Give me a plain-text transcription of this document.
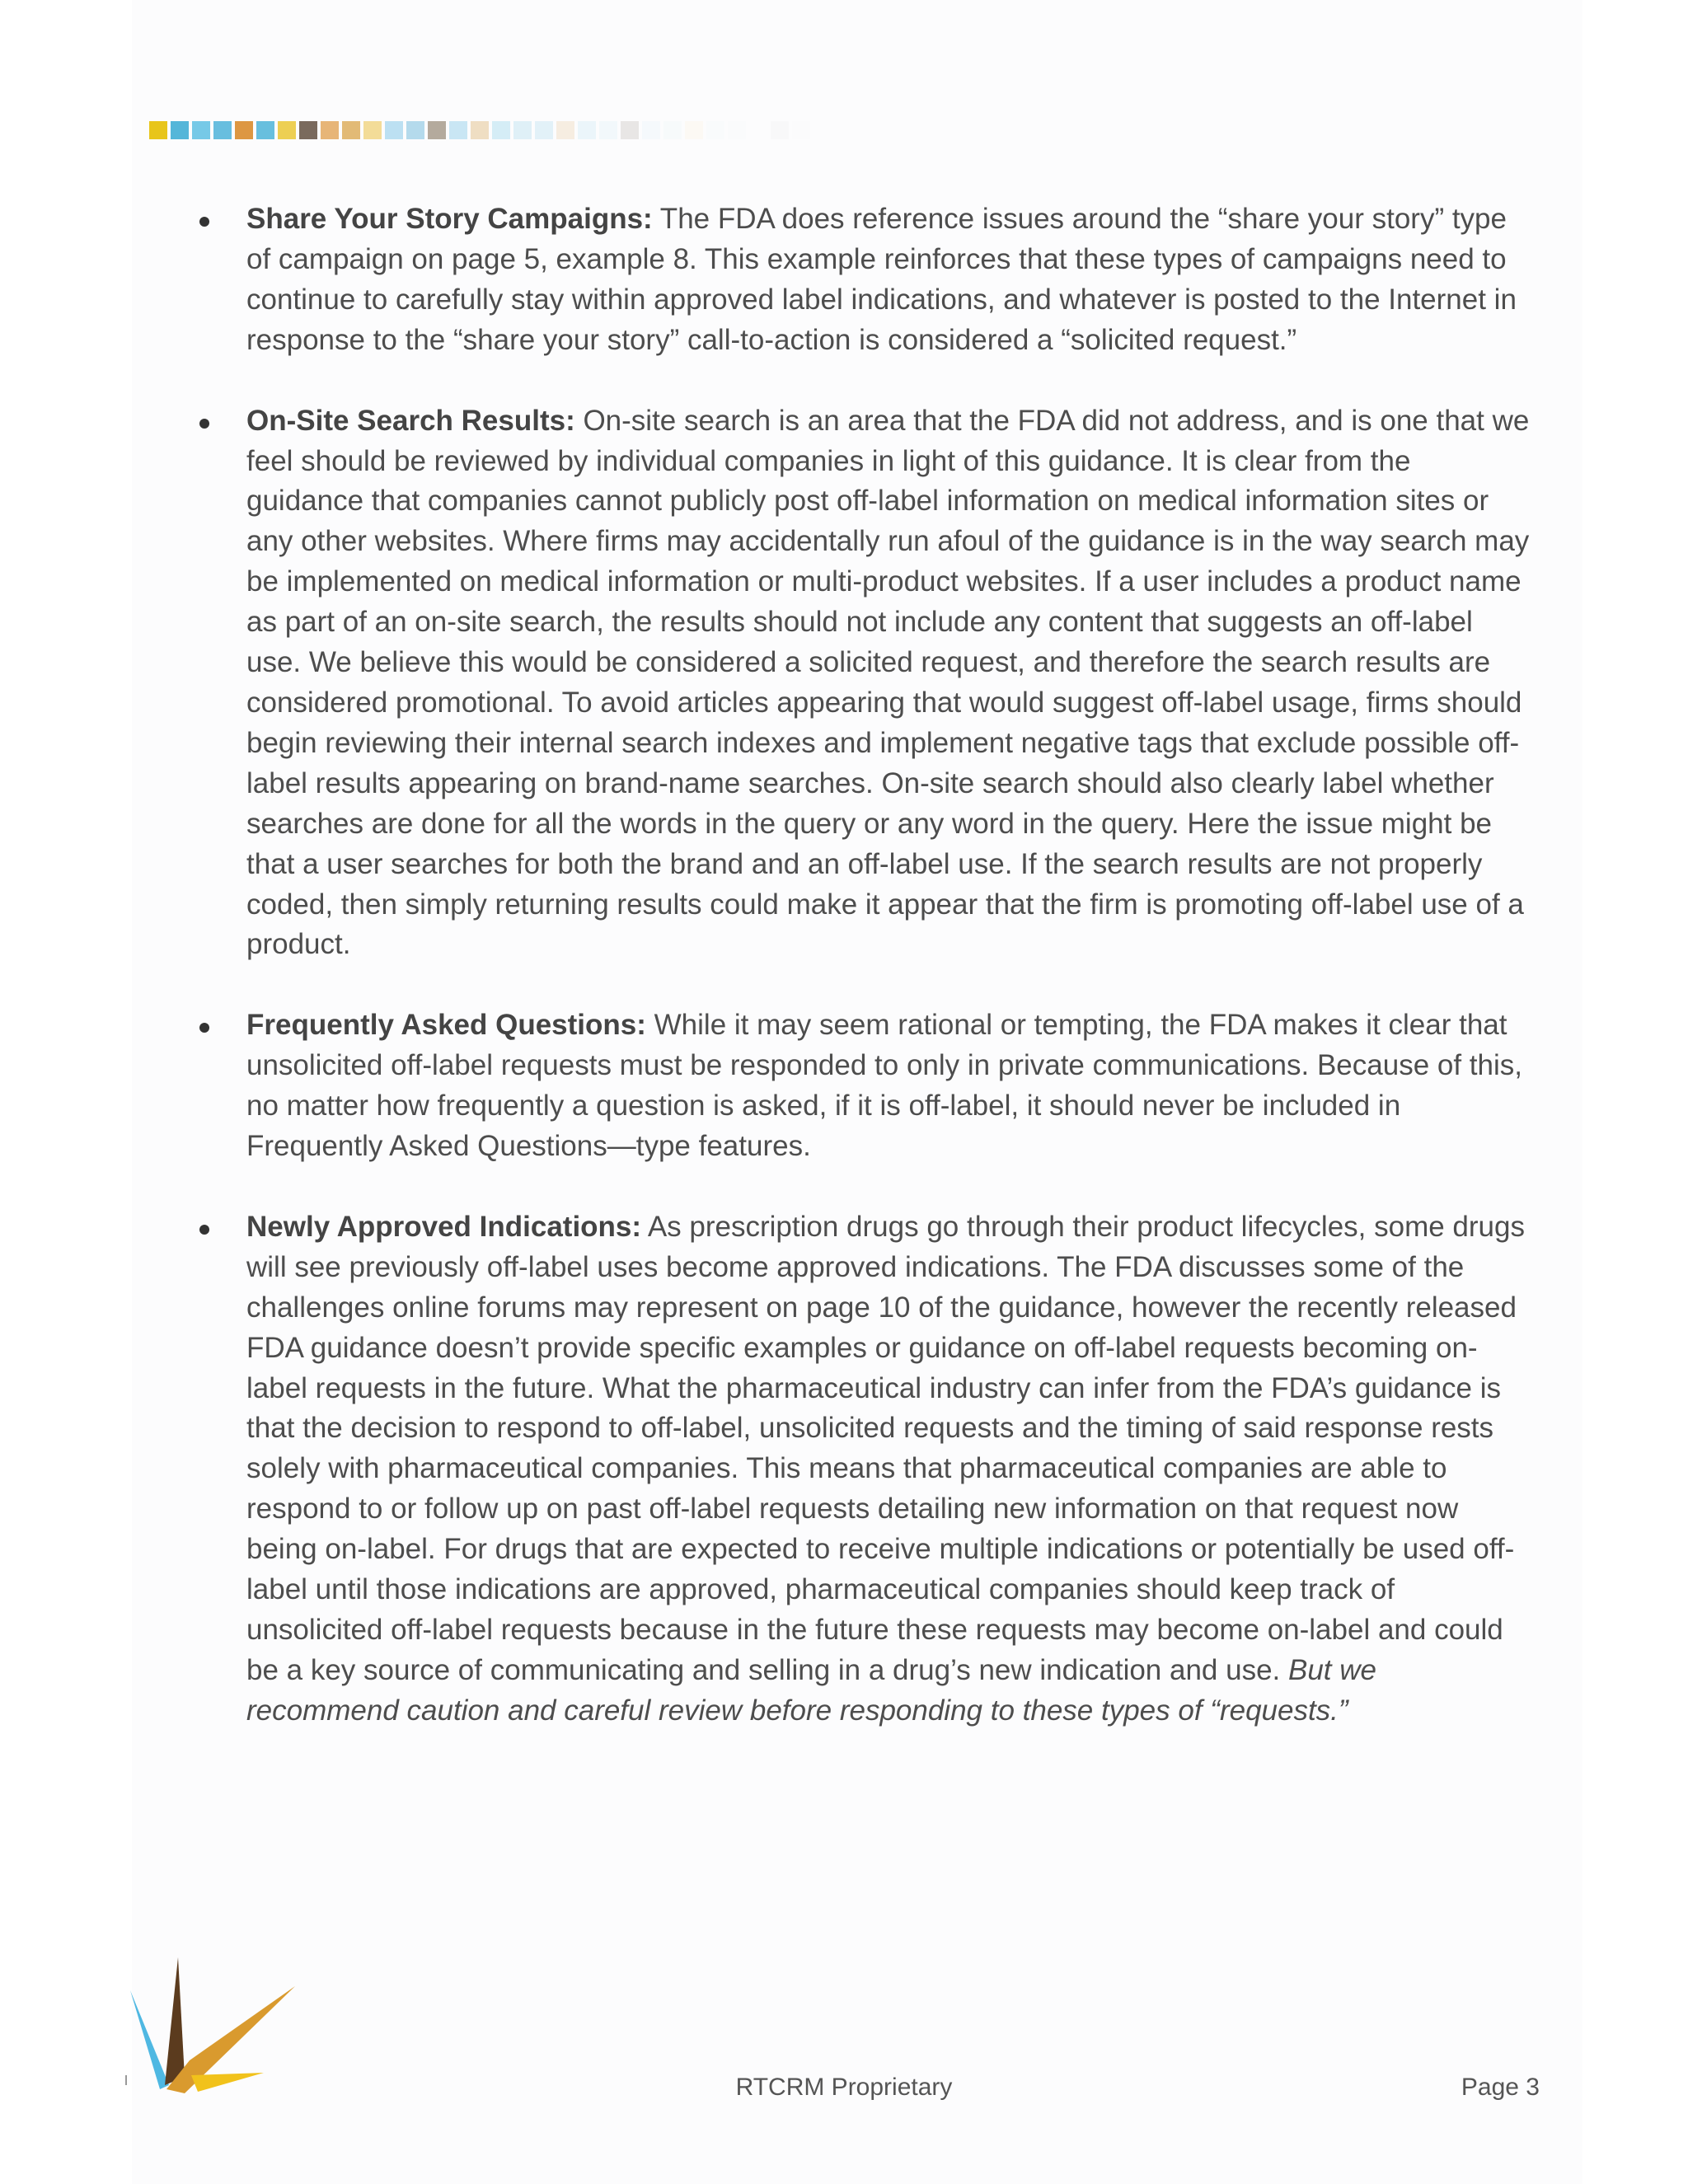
Share Your Story Campaigns: The FDA does reference issues around the “share your story” type of campaign on page 5, example 8. This example reinforces that these types of campaigns need to continue to carefully stay within approved label indications, and whatever is posted to the Internet in response to the “share your story” call-to-action is considered a “solicited request.”
On-Site Search Results: On-site search is an area that the FDA did not address, and is one that we feel should be reviewed by individual companies in light of this guidance. It is clear from the guidance that companies cannot publicly post off-label information on medical information sites or any other websites. Where firms may accidentally run afoul of the guidance is in the way search may be implemented on medical information or multi-product websites. If a user includes a product name as part of an on-site search, the results should not include any content that suggests an off-label use. We believe this would be considered a solicited request, and therefore the search results are considered promotional. To avoid articles appearing that would suggest off-label usage, firms should begin reviewing their internal search indexes and implement negative tags that exclude possible off-label results appearing on brand-name searches. On-site search should also clearly label whether searches are done for all the words in the query or any word in the query. Here the issue might be that a user searches for both the brand and an off-label use. If the search results are not properly coded, then simply returning results could make it appear that the firm is promoting off-label use of a product.
Frequently Asked Questions: While it may seem rational or tempting, the FDA makes it clear that unsolicited off-label requests must be responded to only in private communications. Because of this, no matter how frequently a question is asked, if it is off-label, it should never be included in Frequently Asked Questions—type features.
Newly Approved Indications: As prescription drugs go through their product lifecycles, some drugs will see previously off-label uses become approved indications. The FDA discusses some of the challenges online forums may represent on page 10 of the guidance, however the recently released FDA guidance doesn’t provide specific examples or guidance on off-label requests becoming on-label requests in the future. What the pharmaceutical industry can infer from the FDA’s guidance is that the decision to respond to off-label, unsolicited requests and the timing of said response rests solely with pharmaceutical companies. This means that pharmaceutical companies are able to respond to or follow up on past off-label requests detailing new information on that request now being on-label. For drugs that are expected to receive multiple indications or potentially be used off-label until those indications are approved, pharmaceutical companies should keep track of unsolicited off-label requests because in the future these requests may become on-label and could be a key source of communicating and selling in a drug’s new indication and use. But we recommend caution and careful review before responding to these types of “requests.”
RTCRM Proprietary	Page 3
